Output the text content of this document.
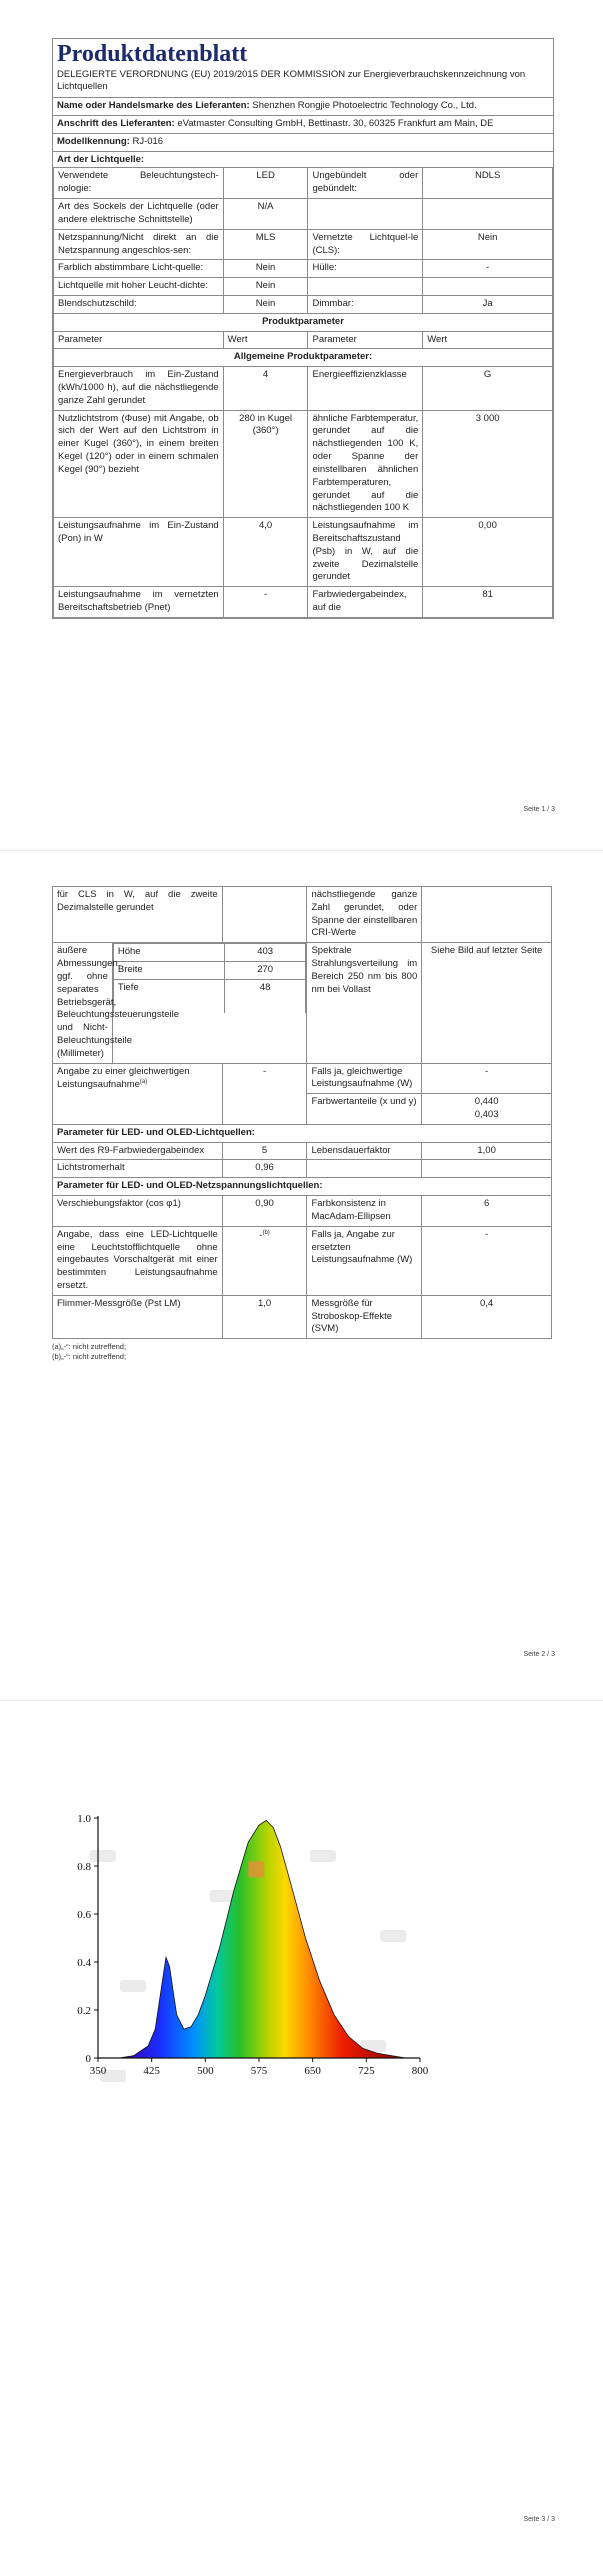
Produktdatenblatt
DELEGIERTE VERORDNUNG (EU) 2019/2015 DER KOMMISSION zur Energieverbrauchskennzeichnung von Lichtquellen
Name oder Handelsmarke des Lieferanten: Shenzhen Rongjie Photoelectric Technology Co., Ltd.
Anschrift des Lieferanten: eVatmaster Consulting GmbH, Bettinastr. 30, 60325 Frankfurt am Main, DE
Modellkennung: RJ-016
Art der Lichtquelle:
Verwendete Beleuchtungstech-nologie:	LED	Ungebündelt oder gebündelt:	NDLS
Art des Sockels der Lichtquelle (oder andere elektrische Schnittstelle)	N/A		
Netzspannung/Nicht direkt an die Netzspannung angeschlos-sen:	MLS	Vernetzte Lichtquel-le (CLS):	Nein
Farblich abstimmbare Licht-quelle:	Nein	Hülle:	-
Lichtquelle mit hoher Leucht-dichte:	Nein		
Blendschutzschild:	Nein	Dimmbar:	Ja
Produktparameter			
Parameter	Wert	Parameter	Wert
Allgemeine Produktparameter:			
Energieverbrauch im Ein-Zustand (kWh/1000 h), auf die nächstliegende ganze Zahl gerundet	4	Energieeffizienzklasse	G
Nutzlichtstrom (Φuse) mit Angabe, ob sich der Wert auf den Lichtstrom in einer Kugel (360°), in einem breiten Kegel (120°) oder in einem schmalen Kegel (90°) bezieht	280 in Kugel (360°)	ähnliche Farbtemperatur, gerundet auf die nächstliegenden 100 K, oder Spanne der einstellbaren ähnlichen Farbtemperaturen, gerundet auf die nächstliegenden 100 K	3 000
Leistungsaufnahme im Ein-Zustand (Pon) in W	4,0	Leistungsaufnahme im Bereitschaftszustand (Psb) in W, auf die zweite Dezimalstelle gerundet	0,00
Leistungsaufnahme im vernetzten Bereitschaftsbetrieb (Pnet)	-	Farbwiedergabeindex, auf die	81
Seite 1 / 3
für CLS in W, auf die zweite Dezimalstelle gerundet		nächstliegende ganze Zahl gerundet, oder Spanne der einstellbaren CRI-Werte	
äußere Abmessungen, ggf. ohne separates Betriebsgerät, Beleuchtungssteuerungsteile und Nicht-Beleuchtungsteile (Millimeter)	
Höhe	403
Breite	270
Tiefe	48
	Spektrale Strahlungsverteilung im Bereich 250 nm bis 800 nm bei Vollast	Siehe Bild auf letzter Seite
Angabe zu einer gleichwertigen Leistungsaufnahme$^{(a)}$	-	Falls ja, gleichwertige Leistungsaufnahme (W)	-
Farbwertanteile (x und y)	0,440
0,403

Parameter für LED- und OLED-Lichtquellen:
Wert des R9-Farbwiedergabeindex	5	Lebensdauerfaktor	1,00
Lichtstromerhalt	0,96		
Parameter für LED- und OLED-Netzspannungslichtquellen:
Verschiebungsfaktor (cos φ1)	0,90	Farbkonsistenz in MacAdam-Ellipsen	6
Angabe, dass eine LED-Lichtquelle eine Leuchtstofflichtquelle ohne eingebautes Vorschaltgerät mit einer bestimmten Leistungsaufnahme ersetzt.	-$^{(b)}$	Falls ja, Angabe zur ersetzten Leistungsaufnahme (W)	-
Flimmer-Messgröße (Pst LM)	1,0	Messgröße für Stroboskop-Effekte (SVM)	0,4
(a)„-“: nicht zutreffend;
(b)„-“: nicht zutreffend;
Seite 2 / 3
350	425	500	575	650	725	800
0
0.2
0.4
0.6
0.8
1.0
Seite 3 / 3
